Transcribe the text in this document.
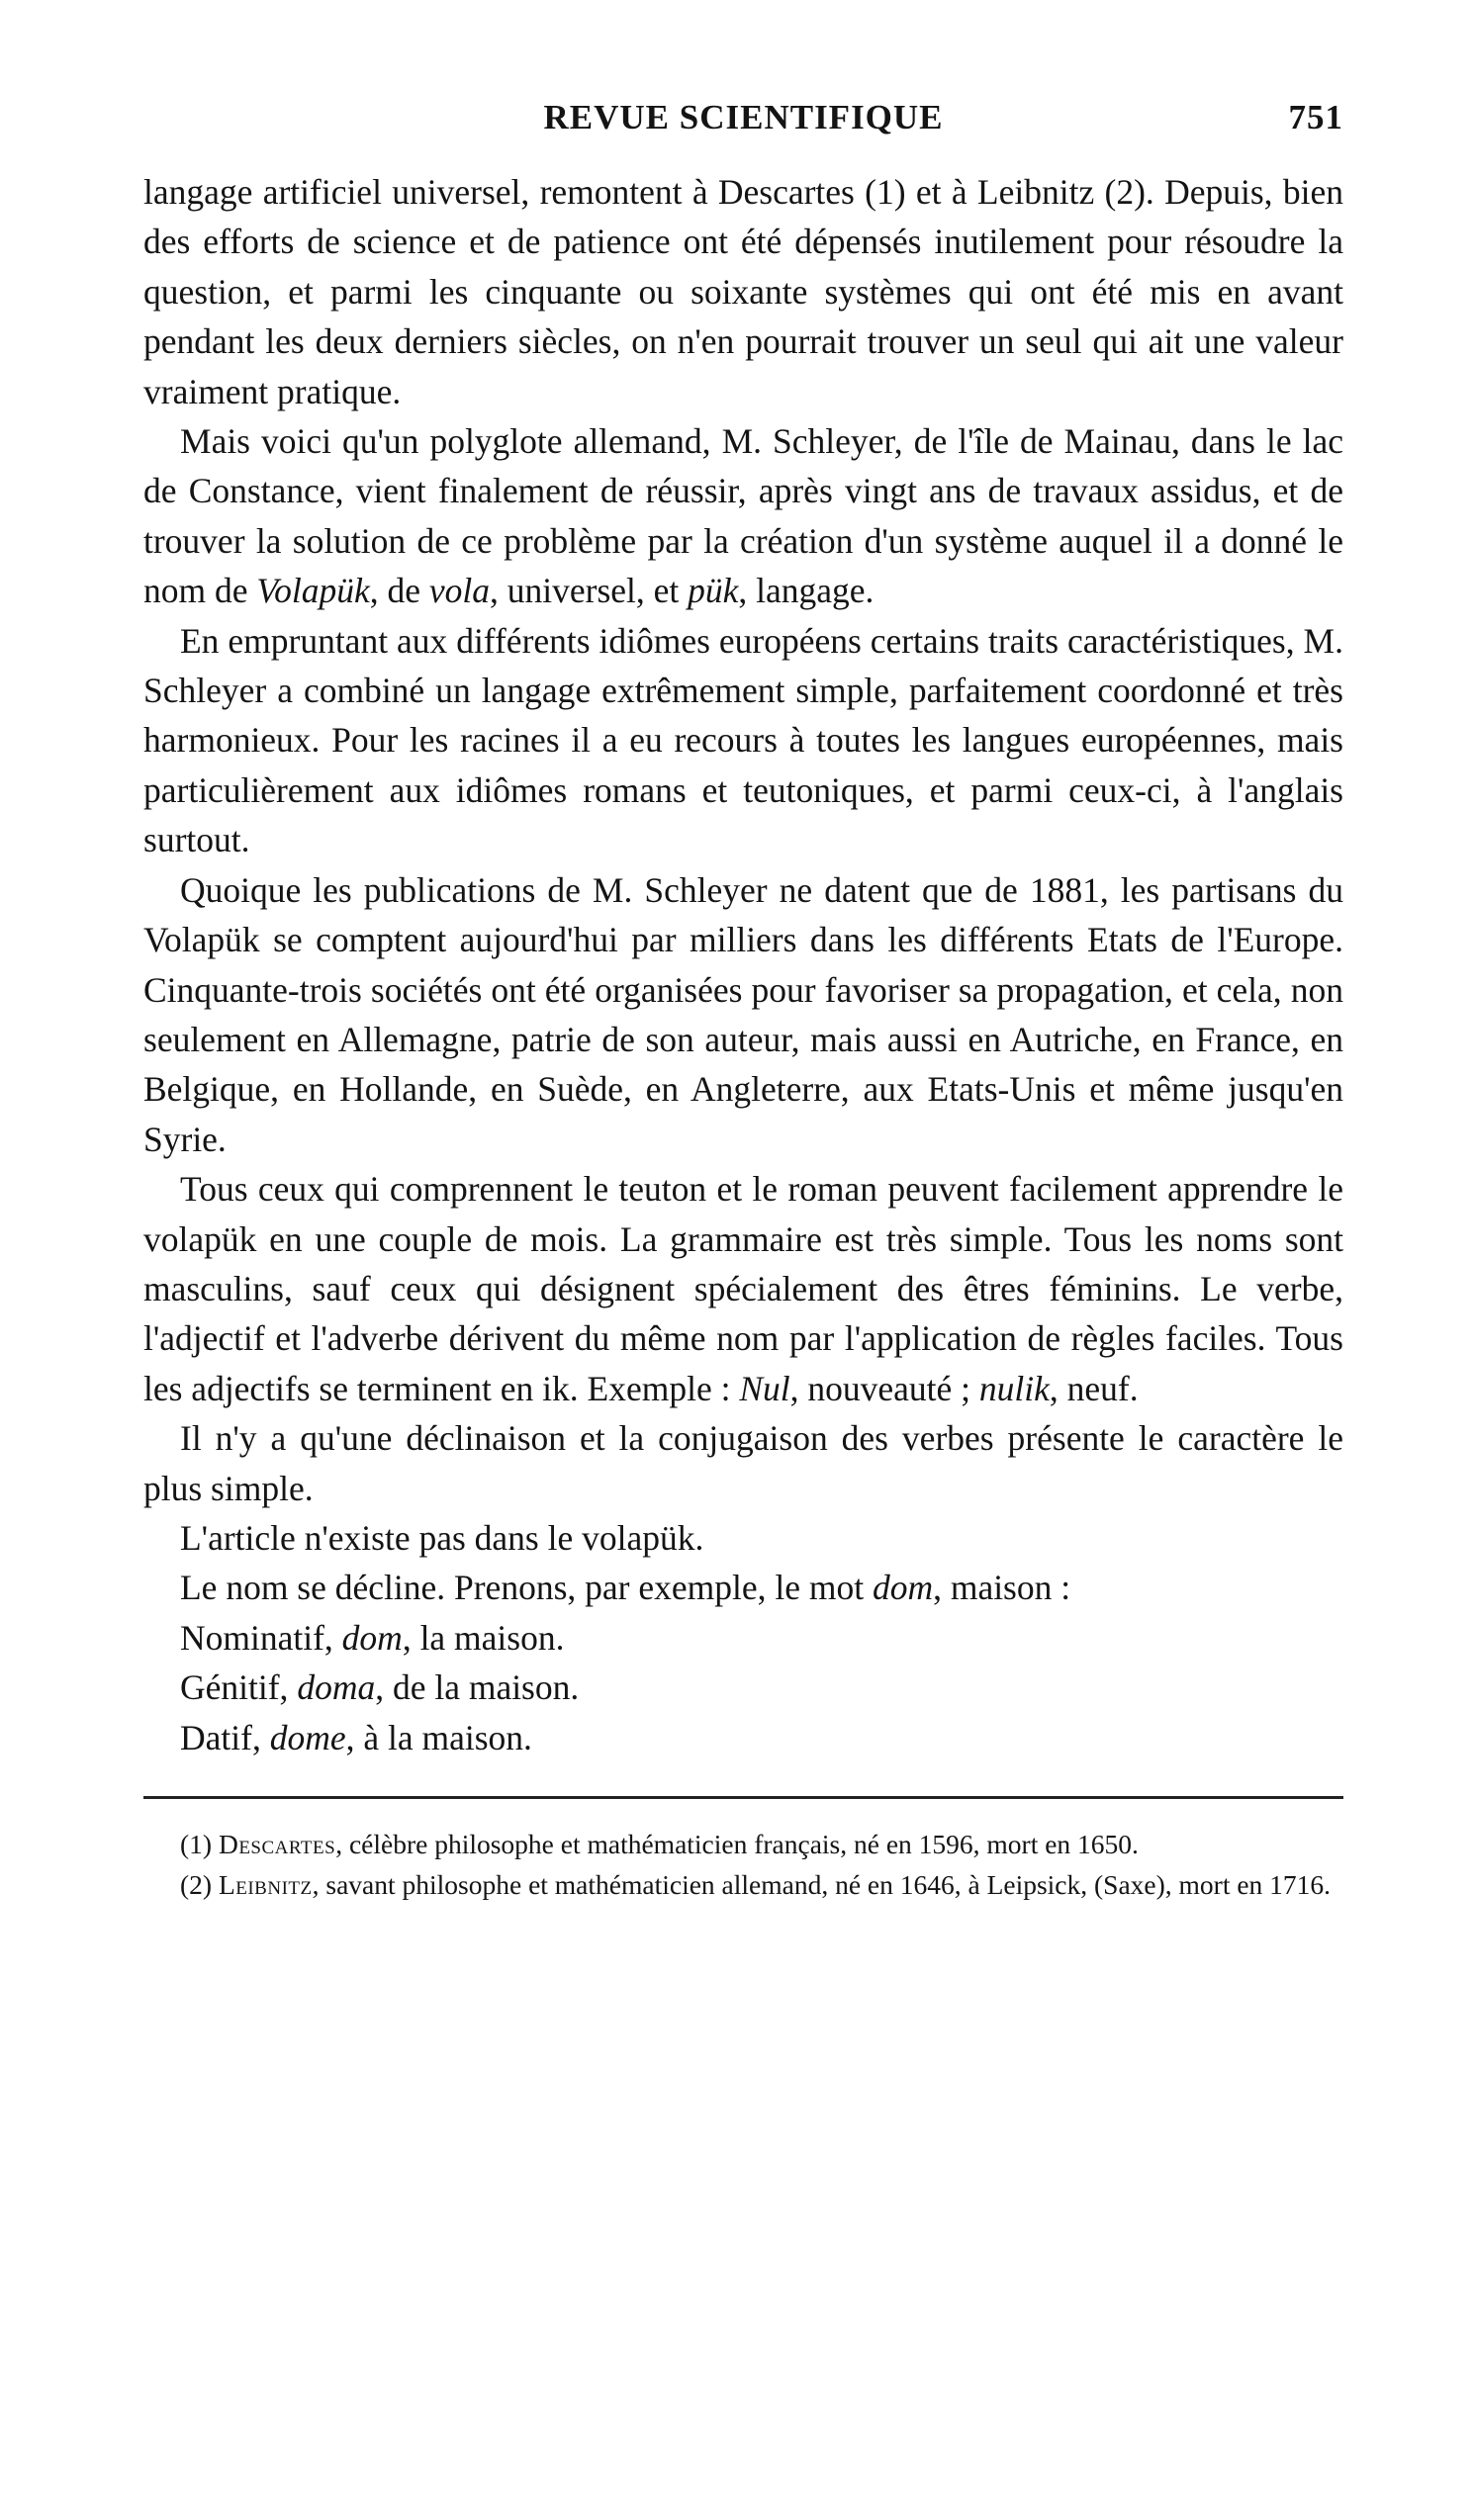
REVUE SCIENTIFIQUE	751

langage artificiel universel, remontent à Descartes (1) et à Leibnitz (2). Depuis, bien des efforts de science et de patience ont été dépensés inutilement pour résoudre la question, et parmi les cinquante ou soixante systèmes qui ont été mis en avant pendant les deux derniers siècles, on n'en pourrait trouver un seul qui ait une valeur vraiment pratique.

Mais voici qu'un polyglote allemand, M. Schleyer, de l'île de Mainau, dans le lac de Constance, vient finalement de réussir, après vingt ans de travaux assidus, et de trouver la solution de ce problème par la création d'un système auquel il a donné le nom de Volapük, de vola, universel, et pük, langage.

En empruntant aux différents idiômes européens certains traits caractéristiques, M. Schleyer a combiné un langage extrêmement simple, parfaitement coordonné et très harmonieux. Pour les racines il a eu recours à toutes les langues européennes, mais particulièrement aux idiômes romans et teutoniques, et parmi ceux-ci, à l'anglais surtout.

Quoique les publications de M. Schleyer ne datent que de 1881, les partisans du Volapük se comptent aujourd'hui par milliers dans les différents Etats de l'Europe. Cinquante-trois sociétés ont été organisées pour favoriser sa propagation, et cela, non seulement en Allemagne, patrie de son auteur, mais aussi en Autriche, en France, en Belgique, en Hollande, en Suède, en Angleterre, aux Etats-Unis et même jusqu'en Syrie.

Tous ceux qui comprennent le teuton et le roman peuvent facilement apprendre le volapük en une couple de mois. La grammaire est très simple. Tous les noms sont masculins, sauf ceux qui désignent spécialement des êtres féminins. Le verbe, l'adjectif et l'adverbe dérivent du même nom par l'application de règles faciles. Tous les adjectifs se terminent en ik. Exemple : Nul, nouveauté ; nulik, neuf.

Il n'y a qu'une déclinaison et la conjugaison des verbes présente le caractère le plus simple.

L'article n'existe pas dans le volapük.

Le nom se décline. Prenons, par exemple, le mot dom, maison :

Nominatif, dom, la maison.

Génitif, doma, de la maison.

Datif, dome, à la maison.

(1) Descartes, célèbre philosophe et mathématicien français, né en 1596, mort en 1650.

(2) Leibnitz, savant philosophe et mathématicien allemand, né en 1646, à Leipsick, (Saxe), mort en 1716.
